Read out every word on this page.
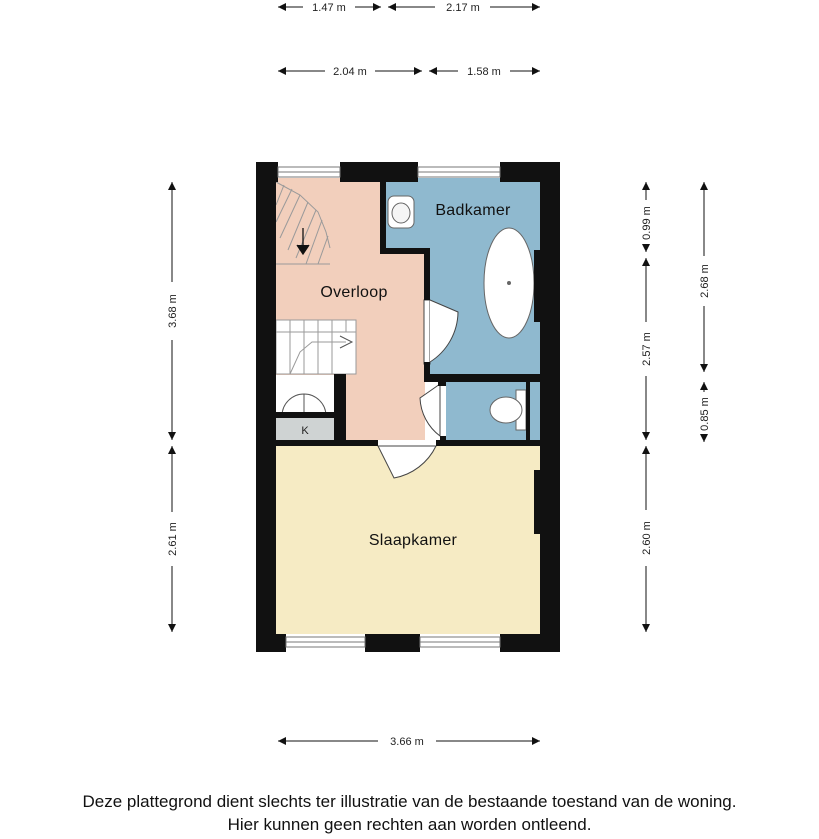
K
Overloop
Badkamer
Slaapkamer
1.47 m	2.17 m
2.04 m	1.58 m
3.68 m
2.61 m
0.99 m
2.57 m
2.60 m
2.68 m
0.85 m
3.66 m
Deze plattegrond dient slechts ter illustratie van de bestaande toestand van de woning.
Hier kunnen geen rechten aan worden ontleend.
